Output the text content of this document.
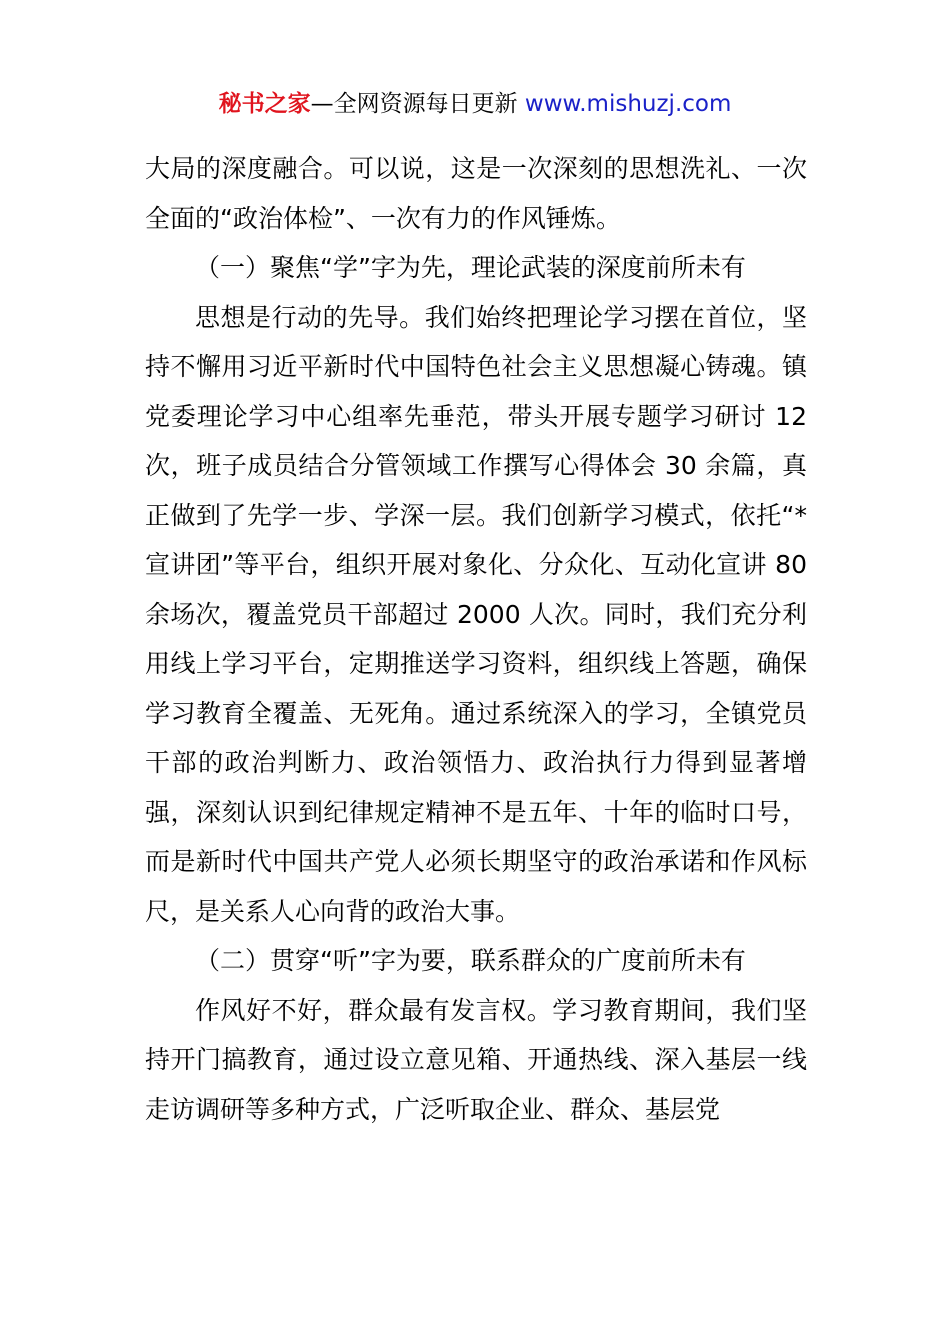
秘书之家—全网资源每日更新 www.mishuzj.com

大局的深度融合。可以说，这是一次深刻的思想洗礼、一次全面的“政治体检”、一次有力的作风锤炼。

（一）聚焦“学”字为先，理论武装的深度前所未有

思想是行动的先导。我们始终把理论学习摆在首位，坚持不懈用习近平新时代中国特色社会主义思想凝心铸魂。镇党委理论学习中心组率先垂范，带头开展专题学习研讨 12 次，班子成员结合分管领域工作撰写心得体会 30 余篇，真正做到了先学一步、学深一层。我们创新学习模式，依托“*宣讲团”等平台，组织开展对象化、分众化、互动化宣讲 80 余场次，覆盖党员干部超过 2000 人次。同时，我们充分利用线上学习平台，定期推送学习资料，组织线上答题，确保学习教育全覆盖、无死角。通过系统深入的学习，全镇党员干部的政治判断力、政治领悟力、政治执行力得到显著增强，深刻认识到纪律规定精神不是五年、十年的临时口号，而是新时代中国共产党人必须长期坚守的政治承诺和作风标尺，是关系人心向背的政治大事。

（二）贯穿“听”字为要，联系群众的广度前所未有

作风好不好，群众最有发言权。学习教育期间，我们坚持开门搞教育，通过设立意见箱、开通热线、深入基层一线走访调研等多种方式，广泛听取企业、群众、基层党
